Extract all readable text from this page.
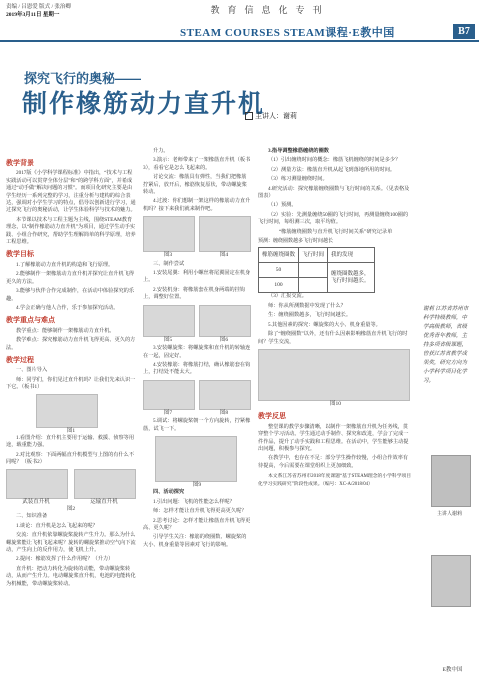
责编 / 吕恩爱 版式 / 张治卿
2019年3月11日 星期一	教育信息化专刊
STEAM COURSES STEAM课程·E教中国	B7
探究飞行的奥秘——
制作橡筋动力直升机
主讲人：谢莉
教学背景

2017版《小学科学课程标准》中指出，“技术与工程实践活动可以贯穿全体分层”和“的跨学科方面”，并希成通过“动手做”解决问题的习惯”。而项目化研究主要是由学生经历一系列完整的学习，注重分析与建构的综合表达，强调对小学生学习的特点，倡导以创新进行学习，通过探究飞行的奥秘活动，让学生体验科学与技术的魅力。

本节课以技术与工程主题为主线，围绕STEAM教育理念，以“制作橡筋动力直升机”为项目，通过学生动手实践、小组合作研究，帮助学生理解简单的科学原理，培养工程思维。

教学目标

1.了解橡筋动力直升机的构造和飞行原理。

2.能够制作一架橡筋动力直升机并探究让直升机飞得更久的方法。

3.能够与伙伴合作完成制作，在活动中体验探究的乐趣。

4.学会正确与他人合作，乐于参加探究活动。

教学重点与难点

教学重点：能够制作一架橡筋动力直升机。

教学难点：探究橡筋动力直升机飞得更高、更久的方法。

教学过程

一、图片导入

师：同学们，你们见过直升机吗？让我们先来认识一下它。（板书1）

图1

1.看图介绍：直升机主要用于运输、救援、侦察等用途，载重能力强。

2.对比观察：下面两幅直升机模型与上图的有什么不同呢？（板书2）

武装直升机	运输直升机
图2

二、知识准备

1.谈论：直升机是怎么飞起来的呢？

交流：直升机依靠螺旋桨旋转产生升力。那么为什么螺旋桨能让飞机飞起来呢？旋转的螺旋桨推动空气向下流动，产生向上的反作用力，使飞机上升。

2.提问：橡筋发挥了什么作用呢？（升力）

直升机：把动力转化为旋转的动能，带动螺旋桨转动，从而产生升力。电动螺旋桨直升机，电池的电能转化为机械能，带动螺旋桨转动。

升力。

3.演示：老师带来了一架橡筋直升机（板书3），看看它是怎么飞起来的。

讨论交流：橡筋具有弹性，当我们把橡筋拧紧后，放开后，橡筋恢复原状，带动螺旋桨转动。

4.过渡：你们想制一架这样的橡筋动力直升机吗？接下来我们就来制作吧。

图3	图4

三、制作尝试

1.安装尾翼：利用小螺丝将尾翼固定在机身上。

2.安装机身：将橡筋套在机身两端的挂钩上，调整好位置。

图5	图6

3.安装螺旋桨：将螺旋桨和直升机的转轴连在一起，固定好。

4.安装橡筋：将橡筋打结，确认橡筋套在钩上，打结处不能太大。

图7	图8

5.调试：将螺旋桨朝一个方向旋转，拧紧橡筋，试飞一下。

图9

四、活动探究

1.引出问题：飞机的性能怎么样呢？

师：怎样才能让直升机飞得更高更久呢？

2.思考讨论：怎样才能让橡筋直升机飞得更高、更久呢？

引导学生关注：橡筋的绕圈数、螺旋桨的大小、机身重量等因素对飞行的影响。

3.指导调整橡筋缠绕的圈数

（1）引出缠绕时间的概念：橡筋飞机缠绕的时间是多少？

（2）测量方法：橡筋直升机从起飞到落地所用的时间。

（3）练习测量缠绕时间。

4.研究活动：探究橡筋缠绕圈数与飞行时间的关系。（见表格及图表）

（1）预测。

（2）实验：先测量缠绕50圈的飞行时间，再测量缠绕100圈的飞行时间，每组测三次，取平均值。

“橡筋缠绕圈数与直升机飞行时间关系”研究记录单
预测：缠绕圈数越多飞行时间越长
橡筋缠绕圈数	飞行时间	我的发现
50		缠绕圈数越多，飞行时间越长。
100		

（3）汇报交流。

师：你从所测数据中发现了什么？

生：缠绕圈数越多，飞行时间越长。

5.其他因素的探究：螺旋桨的大小、机身重量等。

除了“缠绕圈数”以外，还有什么因素影响橡筋直升机飞行的时间？学生交流，

图10
教学反思

整堂课的教学步骤清晰，以制作一架橡筋直升机为任务线，贯穿整个学习活动。学生通过动手制作、探究和改进，学会了完成一件作品，提升了动手实践和工程思维。在活动中，学生能够主动提出问题，积极参与探究。

在教学中，也存在不足：部分学生操作较慢，小组合作效率有待提高，今后需要在课堂组织上更加细致。

本文系江苏省苏州市2018年度课题“基于STEAM理念的小学科学项目化学习实践研究”阶段性成果。（编号：XC-A/2018/04）

谢莉 江苏省苏州市科学特级教师，中学高级教师，省级优秀青年教师，主持多项省级课题，曾获江苏省教学成果奖，研究方向为小学科学项目化学习。
主讲人谢莉
E教中国
